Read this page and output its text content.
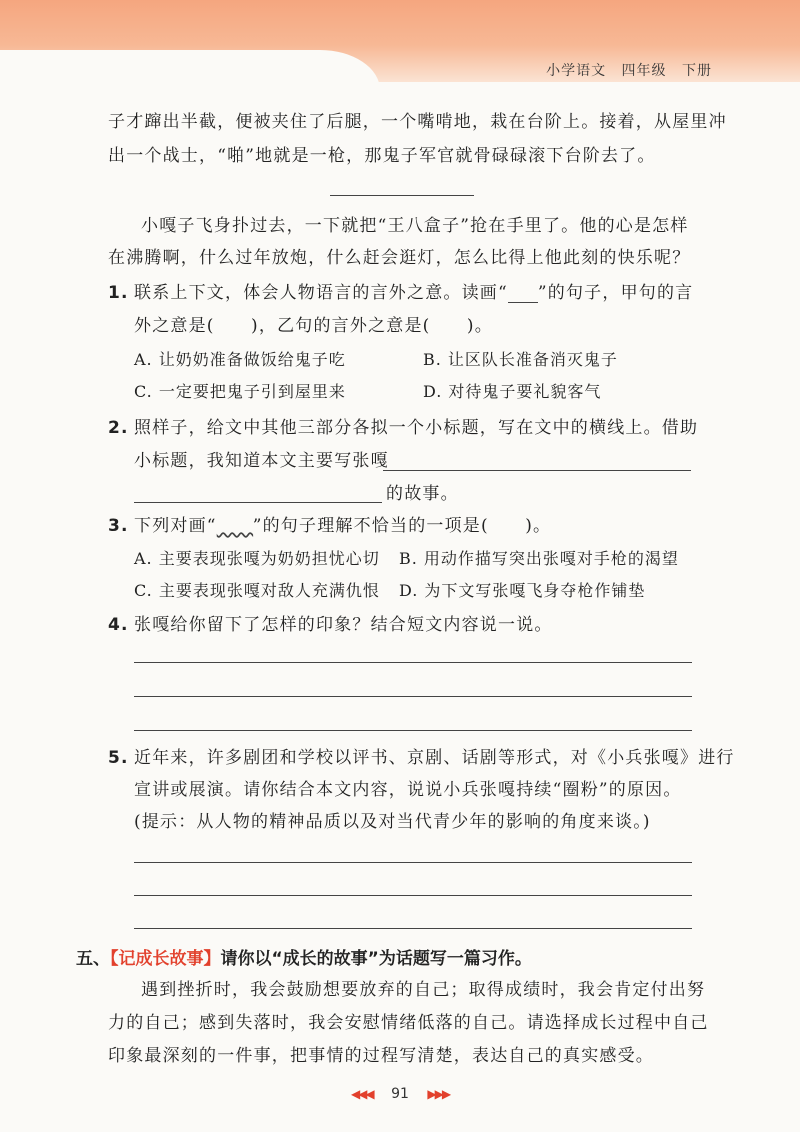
小学语文 四年级 下册
子才蹿出半截，便被夹住了后腿，一个嘴啃地，栽在台阶上。接着，从屋里冲
出一个战士，“啪”地就是一枪，那鬼子军官就骨碌碌滚下台阶去了。
小嘎子飞身扑过去，一下就把“王八盒子”抢在手里了。他的心是怎样
在沸腾啊，什么过年放炮，什么赶会逛灯，怎么比得上他此刻的快乐呢？
1. 联系上下文，体会人物语言的言外之意。读画“ ”的句子，甲句的言
外之意是(　　)，乙句的言外之意是(　　)。
A. 让奶奶准备做饭给鬼子吃	B. 让区队长准备消灭鬼子
C. 一定要把鬼子引到屋里来	D. 对待鬼子要礼貌客气
2. 照样子，给文中其他三部分各拟一个小标题，写在文中的横线上。借助
小标题，我知道本文主要写张嘎
的故事。
3. 下列对画“   ”的句子理解不恰当的一项是(　　)。
A. 主要表现张嘎为奶奶担忧心切 B. 用动作描写突出张嘎对手枪的渴望
C. 主要表现张嘎对敌人充满仇恨 D. 为下文写张嘎飞身夺枪作铺垫
4. 张嘎给你留下了怎样的印象？结合短文内容说一说。
5. 近年来，许多剧团和学校以评书、京剧、话剧等形式，对《小兵张嘎》进行
宣讲或展演。请你结合本文内容，说说小兵张嘎持续“圈粉”的原因。
(提示：从人物的精神品质以及对当代青少年的影响的角度来谈。)
五、【记成长故事】请你以“成长的故事”为话题写一篇习作。
遇到挫折时，我会鼓励想要放弃的自己；取得成绩时，我会肯定付出努
力的自己；感到失落时，我会安慰情绪低落的自己。请选择成长过程中自己
印象最深刻的一件事，把事情的过程写清楚，表达自己的真实感受。
◀◀◀ 91 ▶▶▶
